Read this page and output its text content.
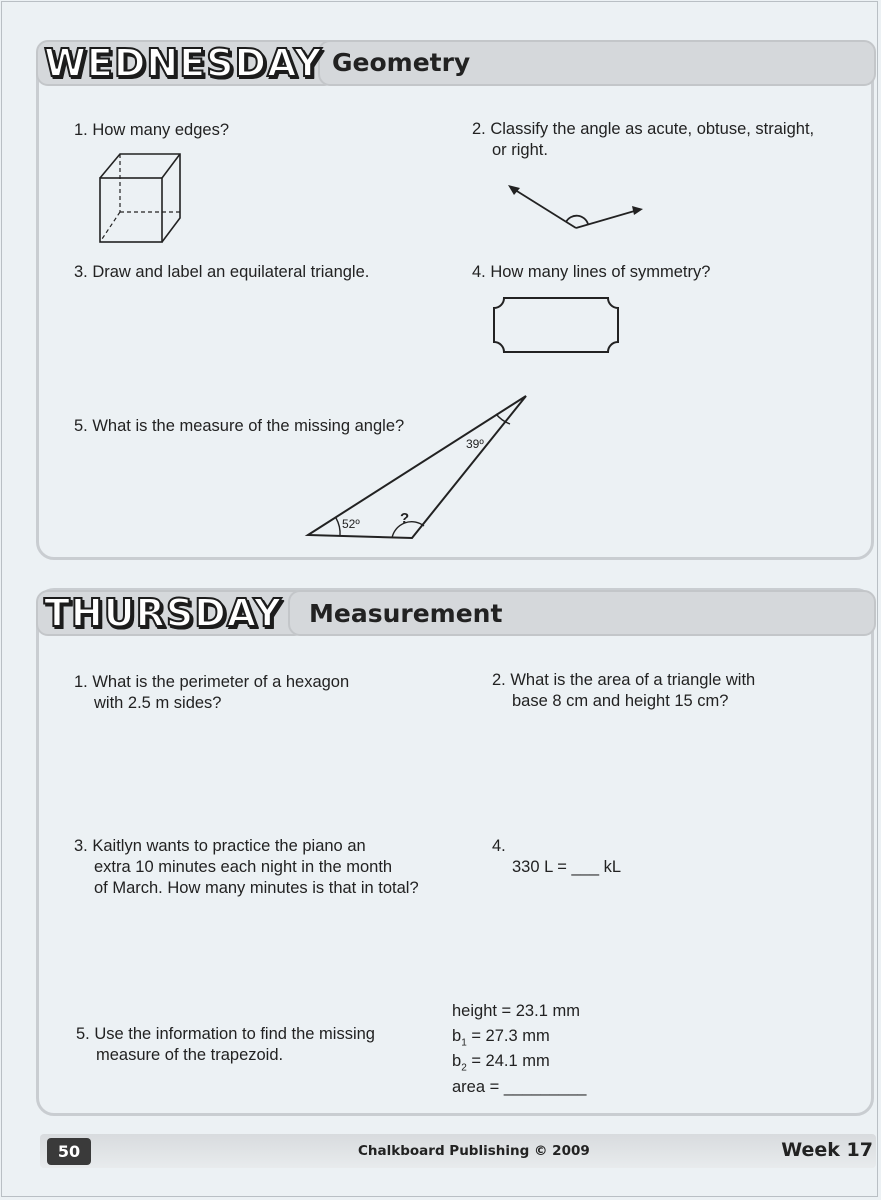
WEDNESDAY Geometry
1. How many edges?	2. Classify the angle as acute, obtuse, straight,
or right.
3. Draw and label an equilateral triangle.	4. How many lines of symmetry?
5. What is the measure of the missing angle?
39º
52º	?
THURSDAY Measurement
1. What is the perimeter of a hexagon
with 2.5 m sides?
2. What is the area of a triangle with
base 8 cm and height 15 cm?
3. Kaitlyn wants to practice the piano an
extra 10 minutes each night in the month
of March. How many minutes is that in total?
4.
330 L = ___ kL
5. Use the information to find the missing
measure of the trapezoid.
height = 23.1 mm
$b_1 = 27.3$ mm
$b_2 = 24.1$ mm
area = _________
50	Chalkboard Publishing © 2009	Week 17
